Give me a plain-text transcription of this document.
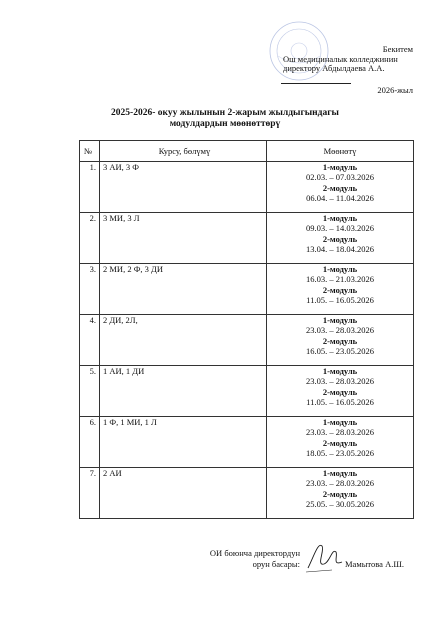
Бекитем
Ош медициналык колледжинин
директору Абдылдаева А.А.
2026-жыл
2025-2026- окуу жылынын 2-жарым жылдыгындагы
модулдардын мөөнөттөрү
№	Курсу, бөлүмү	Мөөнөтү
1.	3 АИ, 3 Ф	1-модуль
02.03. – 07.03.2026
2-модуль
06.04. – 11.04.2026

2.	3 МИ, 3 Л	1-модуль
09.03. – 14.03.2026
2-модуль
13.04. – 18.04.2026

3.	2 МИ, 2 Ф, 3 ДИ	1-модуль
16.03. – 21.03.2026
2-модуль
11.05. – 16.05.2026

4.	2 ДИ, 2Л,	1-модуль
23.03. – 28.03.2026
2-модуль
16.05. – 23.05.2026

5.	1 АИ, 1 ДИ	1-модуль
23.03. – 28.03.2026
2-модуль
11.05. – 16.05.2026

6.	1 Ф, 1 МИ, 1 Л	1-модуль
23.03. – 28.03.2026
2-модуль
18.05. – 23.05.2026

7.	2 АИ	1-модуль
23.03. – 28.03.2026
2-модуль
25.05. – 30.05.2026
ОИ боюнча директордун
орун басары:	Мамытова А.Ш.
